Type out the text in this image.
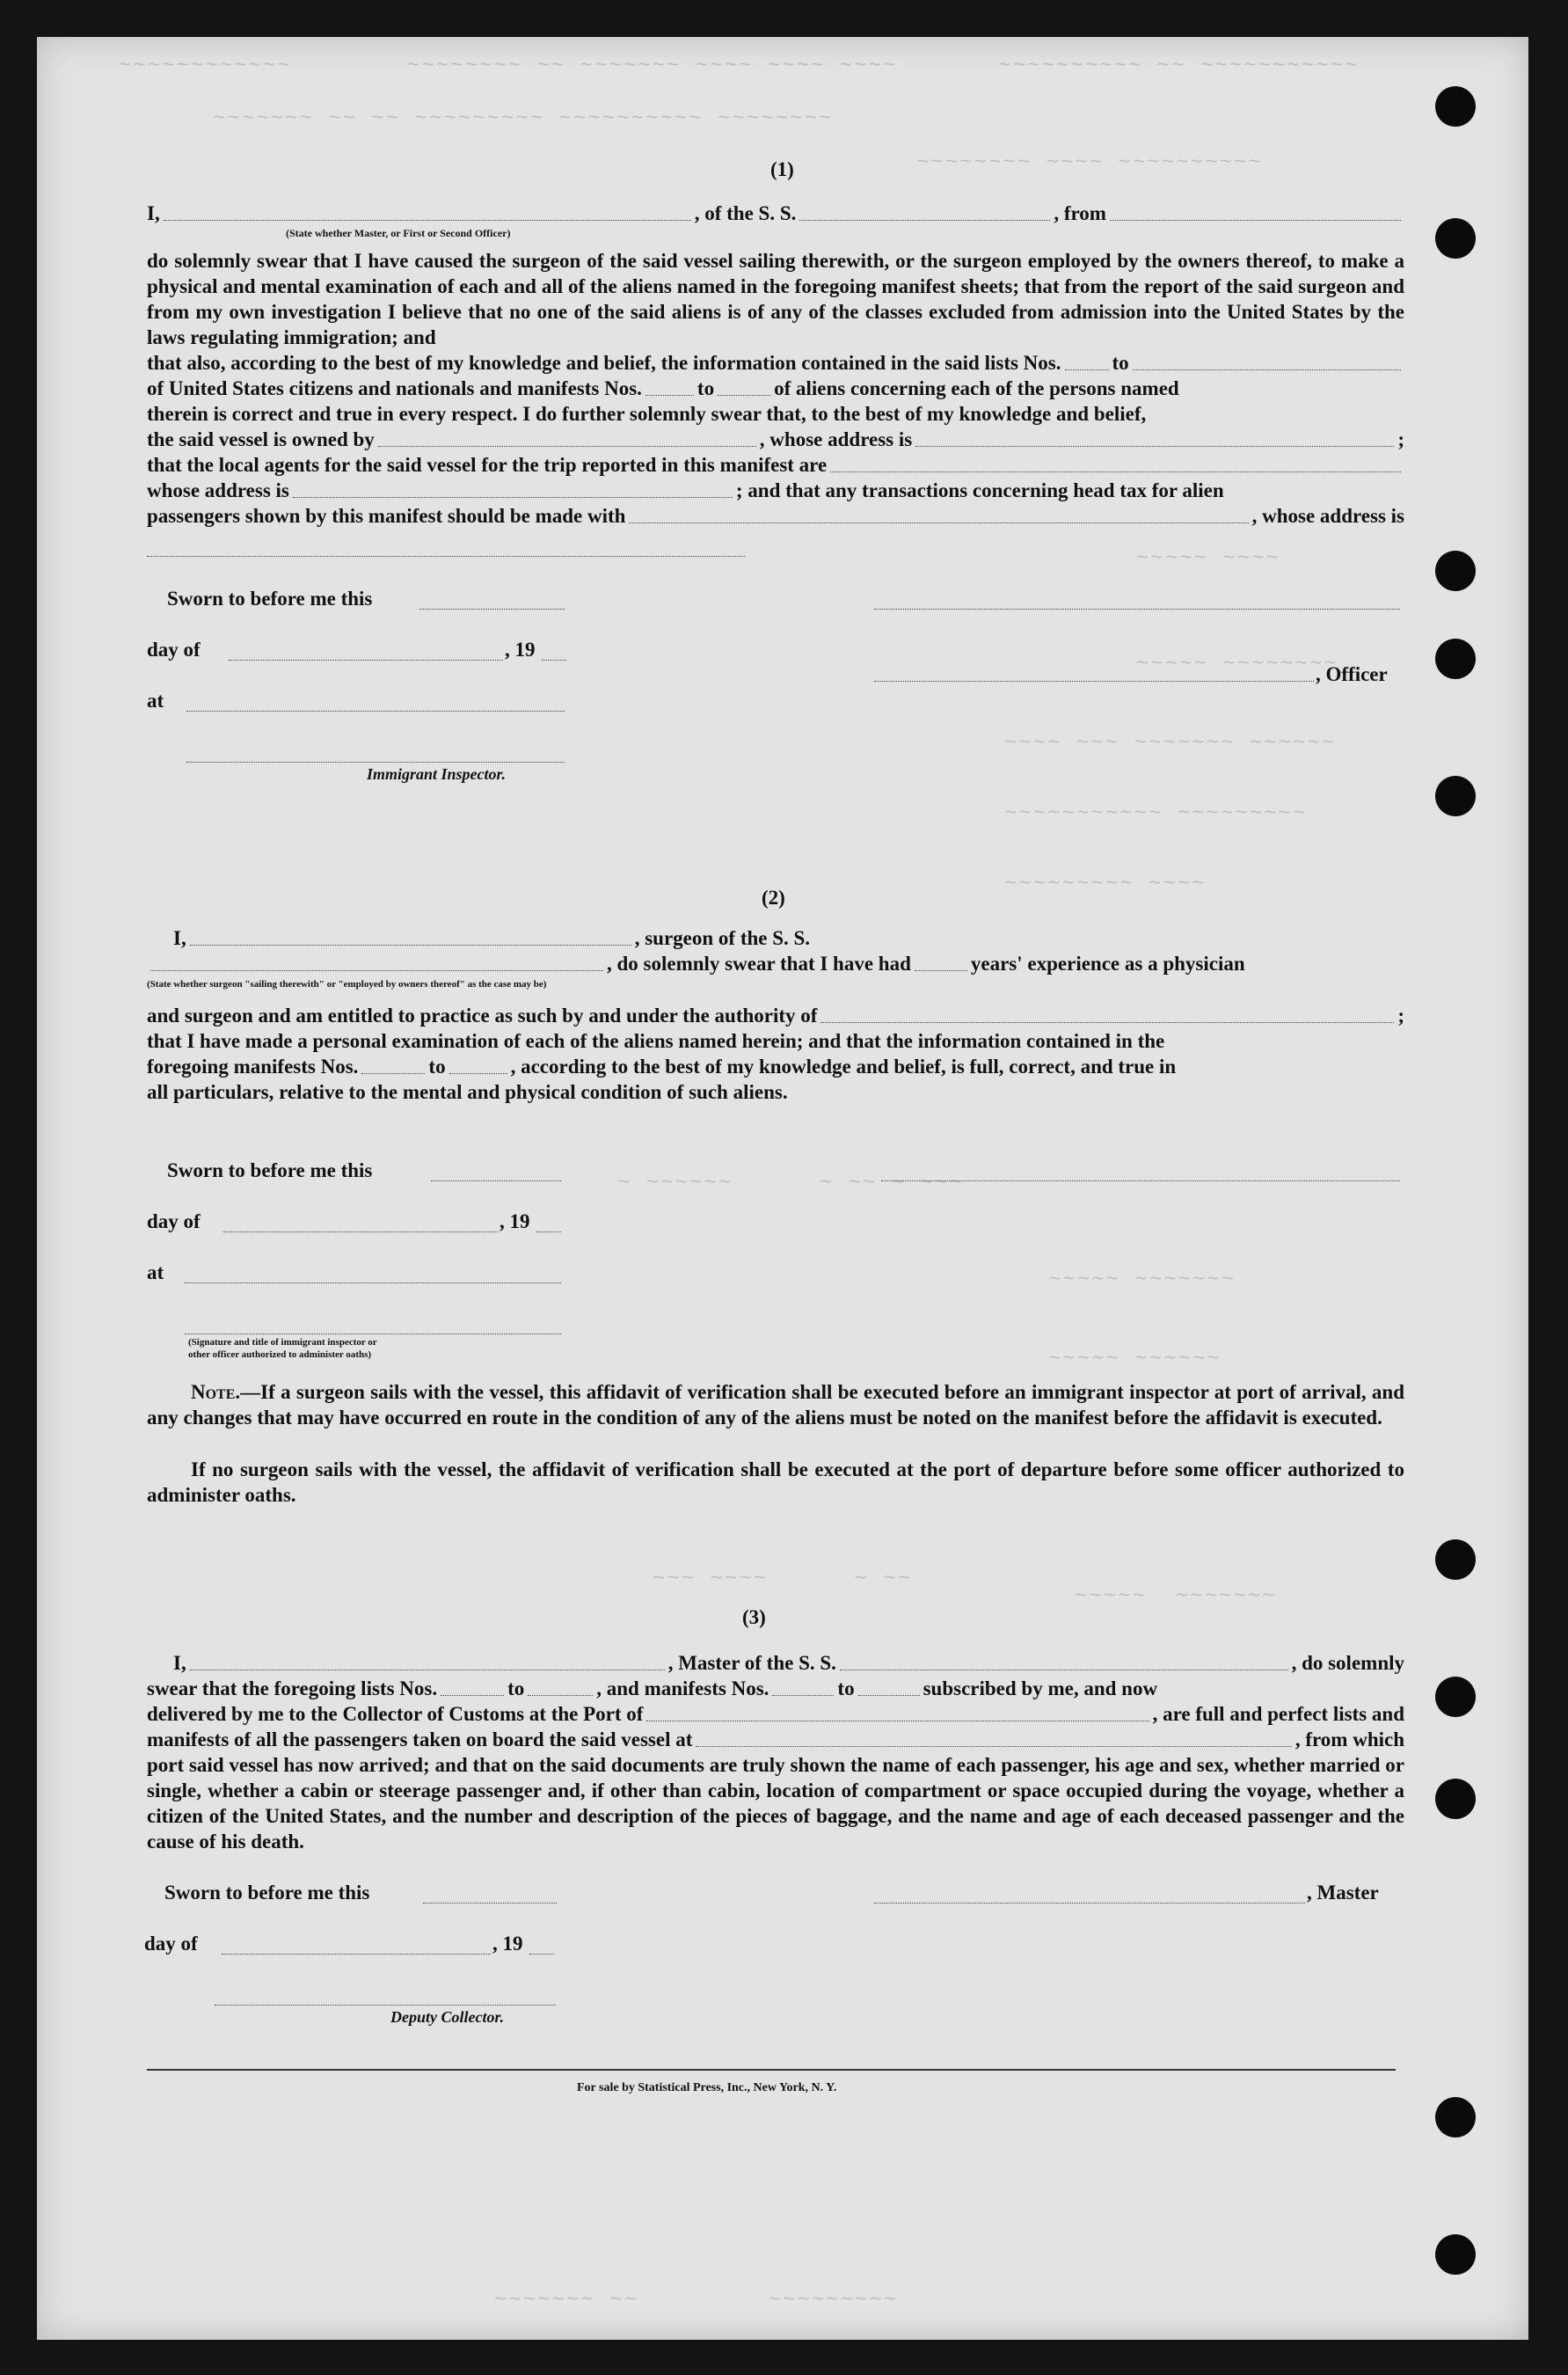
~~~~~~~~~~~~        ~~~~~~~~ ~~ ~~~~~~~ ~~~~ ~~~~ ~~~~       ~~~~~~~~~~ ~~ ~~~~~~~~~~~
~~~~~~~ ~~ ~~ ~~~~~~~~~ ~~~~~~~~~~ ~~~~~~~~
~~~~~~~~ ~~~~ ~~~~~~~~~~
~~~~~ ~~~~
~~~~~ ~~~~~~~~
~~~~ ~~~ ~~~~~~~ ~~~~~~
~~~~~~~~~~~ ~~~~~~~~~
~~~~~~~~~ ~~~~
~ ~~~~~~      ~ ~~ ~ ~~~
~~~~~ ~~~~~~~
~~~~~ ~~~~~~
~~~ ~~~~      ~ ~~
~~~~~  ~~~~~~~
~~~~~~~ ~~         ~~~~~~~~~
(1)
I,	, of the S. S.	, from
(State whether Master, or First or Second Officer)
do solemnly swear that I have caused the surgeon of the said vessel sailing therewith, or the surgeon employed by the owners thereof, to make a physical and mental examination of each and all of the aliens named in the foregoing manifest sheets; that from the report of the said surgeon and from my own investigation I believe that no one of the said aliens is of any of the classes excluded from admission into the United States by the laws regulating immigration; and
that also, according to the best of my knowledge and belief, the information contained in the said lists Nos.	to
of United States citizens and nationals and manifests Nos.	to	of aliens concerning each of the persons named
therein is correct and true in every respect. I do further solemnly swear that, to the best of my knowledge and belief,
the said vessel is owned by	, whose address is	;
that the local agents for the said vessel for the trip reported in this manifest are
whose address is	; and that any transactions concerning head tax for alien
passengers shown by this manifest should be made with	, whose address is
Sworn to before me this
day of	, 19
, Officer
at
Immigrant Inspector.
(2)
I,	, surgeon of the S. S.
, do solemnly swear that I have had	years' experience as a physician
(State whether surgeon "sailing therewith" or "employed by owners thereof" as the case may be)
and surgeon and am entitled to practice as such by and under the authority of	;
that I have made a personal examination of each of the aliens named herein; and that the information contained in the
foregoing manifests Nos.	to	, according to the best of my knowledge and belief, is full, correct, and true in
all particulars, relative to the mental and physical condition of such aliens.
Sworn to before me this
day of	, 19
at
(Signature and title of immigrant inspector or
other officer authorized to administer oaths)
Note.—If a surgeon sails with the vessel, this affidavit of verification shall be executed before an immigrant inspector at port of arrival, and any changes that may have occurred en route in the condition of any of the aliens must be noted on the manifest before the affidavit is executed.
If no surgeon sails with the vessel, the affidavit of verification shall be executed at the port of departure before some officer authorized to administer oaths.
(3)
I,	, Master of the S. S.	, do solemnly
swear that the foregoing lists Nos.	to	, and manifests Nos.	to	subscribed by me, and now
delivered by me to the Collector of Customs at the Port of	, are full and perfect lists and
manifests of all the passengers taken on board the said vessel at	, from which
port said vessel has now arrived; and that on the said documents are truly shown the name of each passenger, his age and sex, whether married or single, whether a cabin or steerage passenger and, if other than cabin, location of compartment or space occupied during the voyage, whether a citizen of the United States, and the number and description of the pieces of baggage, and the name and age of each deceased passenger and the cause of his death.
Sworn to before me this	, Master
day of	, 19
Deputy Collector.
For sale by Statistical Press, Inc., New York, N. Y.
